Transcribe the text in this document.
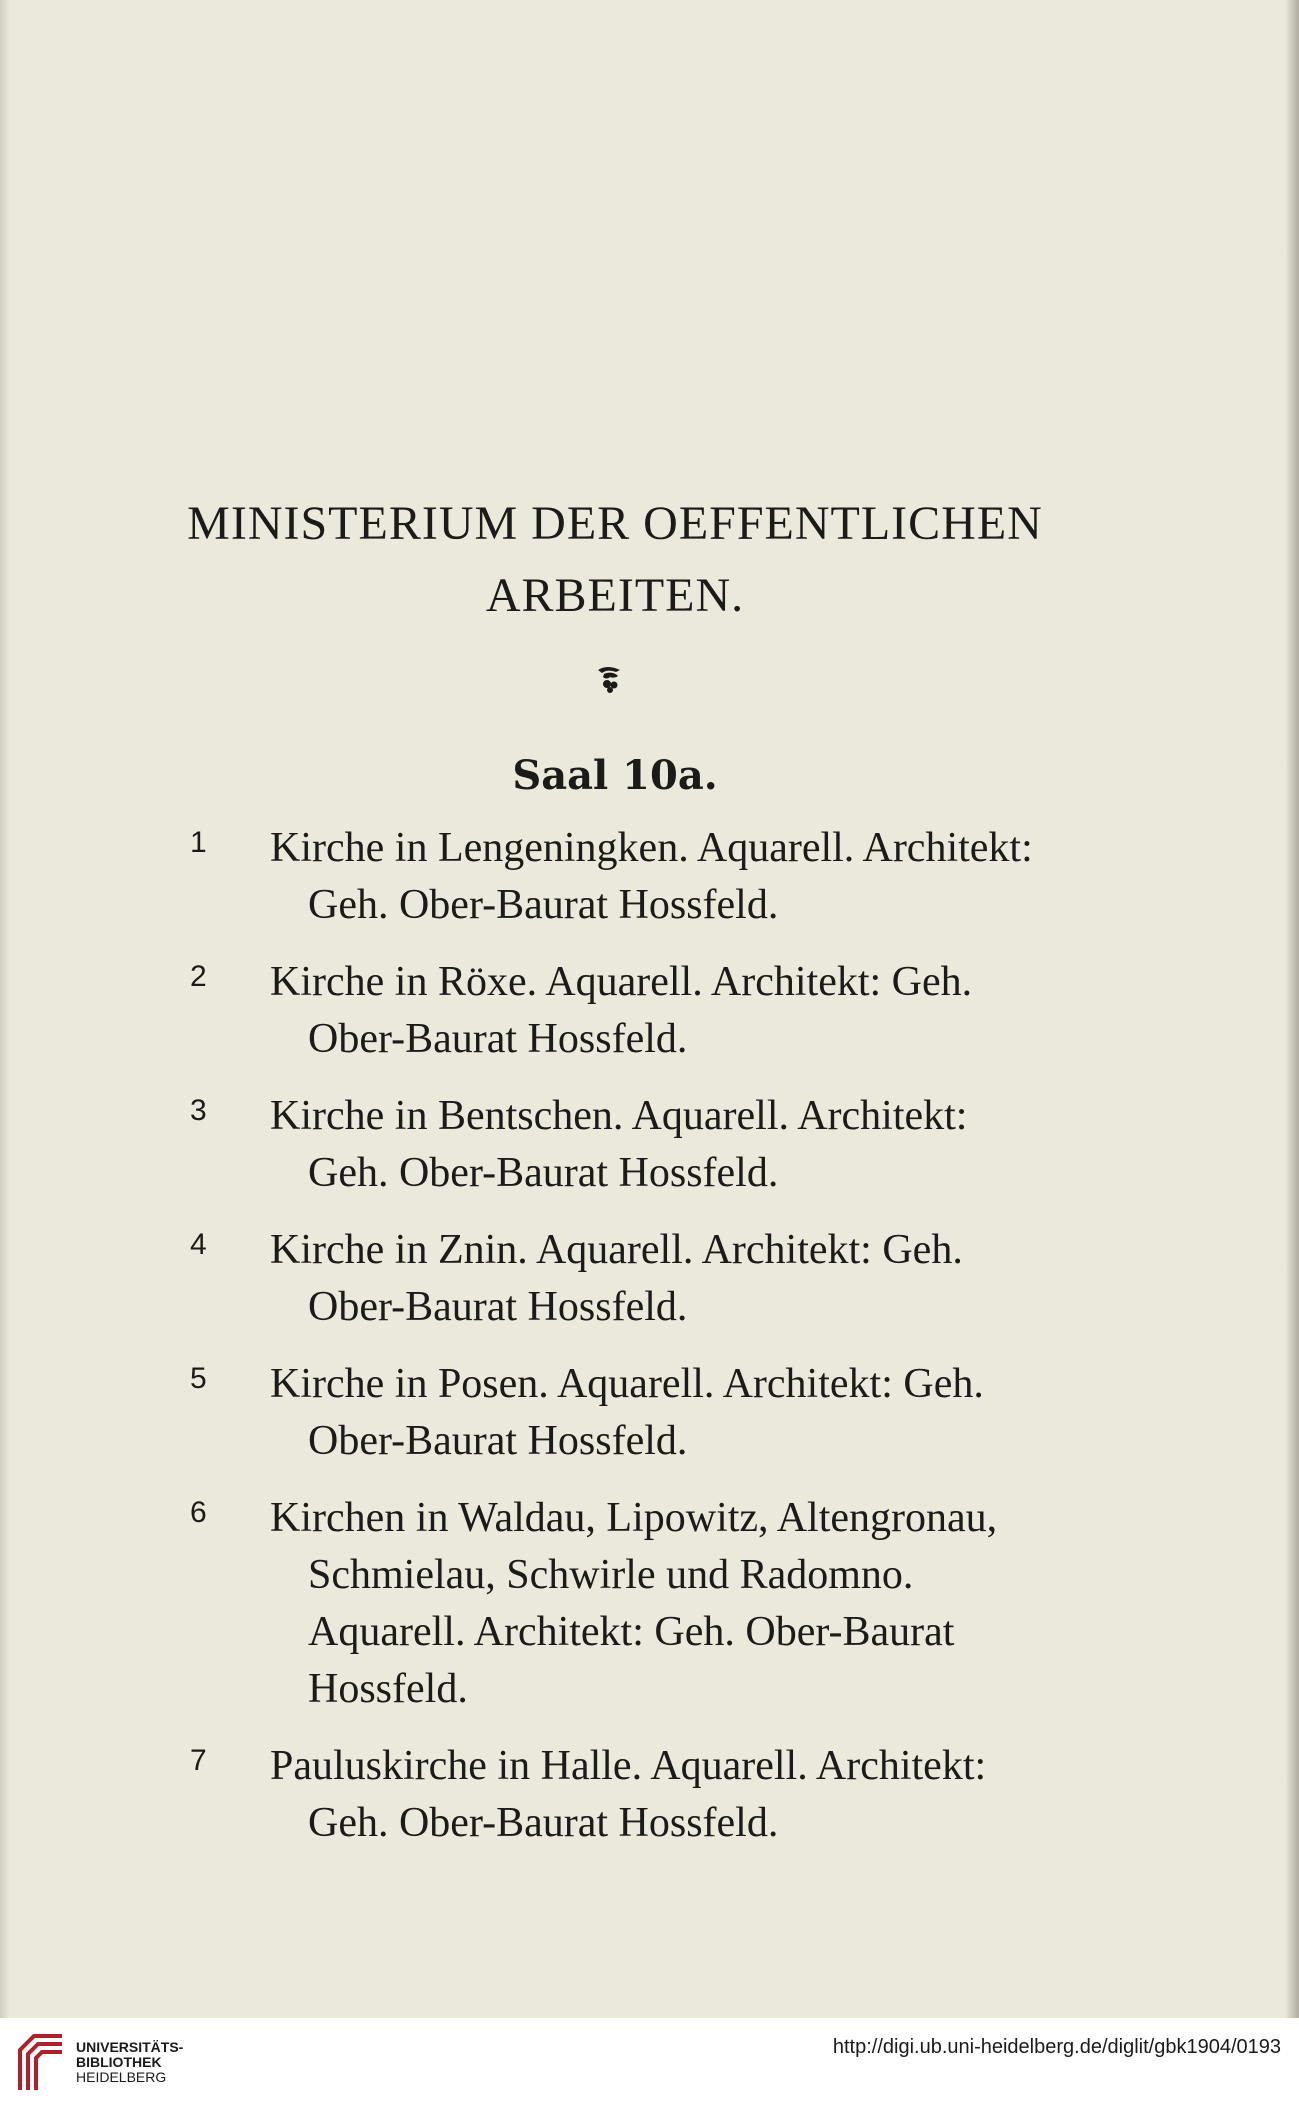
MINISTERIUM DER OEFFENTLICHEN
ARBEITEN.
Saal 10a.
1 Kirche in Lengeningken. Aquarell. Architekt:
Geh. Ober-Baurat Hossfeld.
2 Kirche in Röxe. Aquarell. Architekt: Geh.
Ober-Baurat Hossfeld.
3 Kirche in Bentschen. Aquarell. Architekt:
Geh. Ober-Baurat Hossfeld.
4 Kirche in Znin. Aquarell. Architekt: Geh.
Ober-Baurat Hossfeld.
5 Kirche in Posen. Aquarell. Architekt: Geh.
Ober-Baurat Hossfeld.
6 Kirchen in Waldau, Lipowitz, Altengronau,
Schmielau, Schwirle und Radomno.
Aquarell. Architekt: Geh. Ober-Baurat
Hossfeld.
7 Pauluskirche in Halle. Aquarell. Architekt:
Geh. Ober-Baurat Hossfeld.
UNIVERSITÄTS-
BIBLIOTHEK
HEIDELBERG
http://digi.ub.uni-heidelberg.de/diglit/gbk1904/0193
